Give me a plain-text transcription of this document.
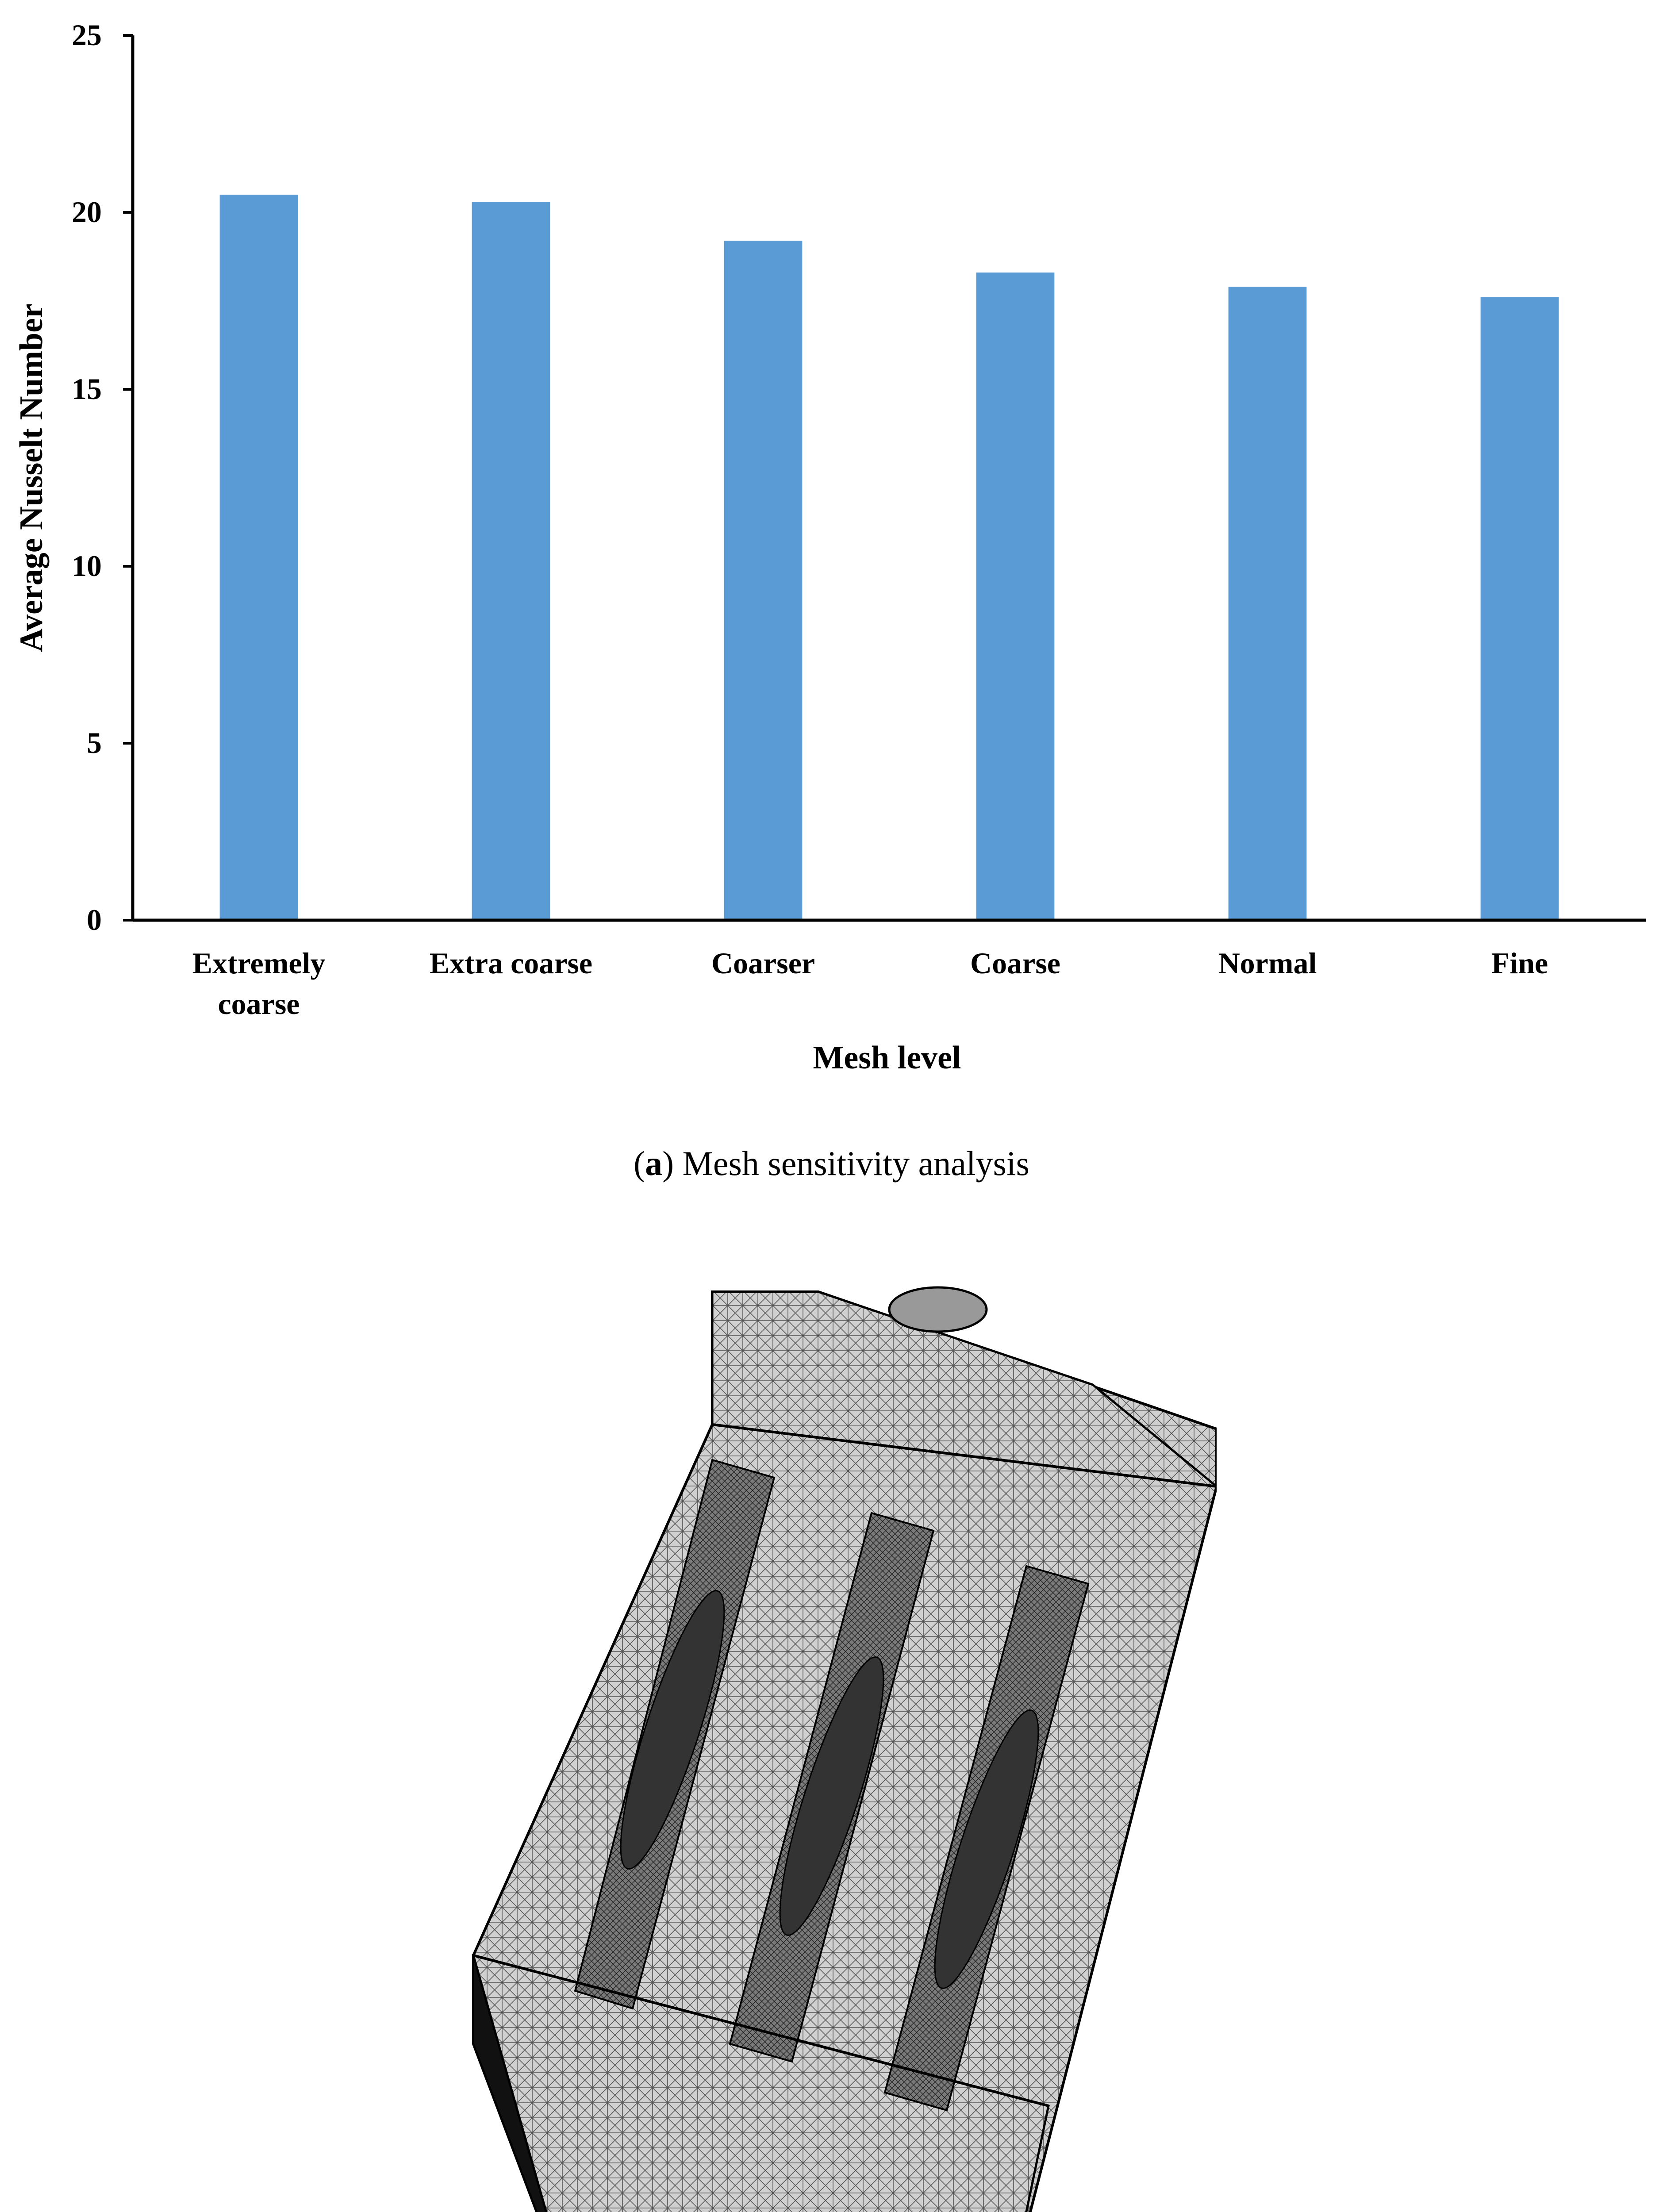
0
5
10
15
20
25
Extremely coarse
Extra coarse	Coarser	Coarse	Normal	Fine
Average Nusselt Number
Mesh level
(a) Mesh sensitivity analysis
